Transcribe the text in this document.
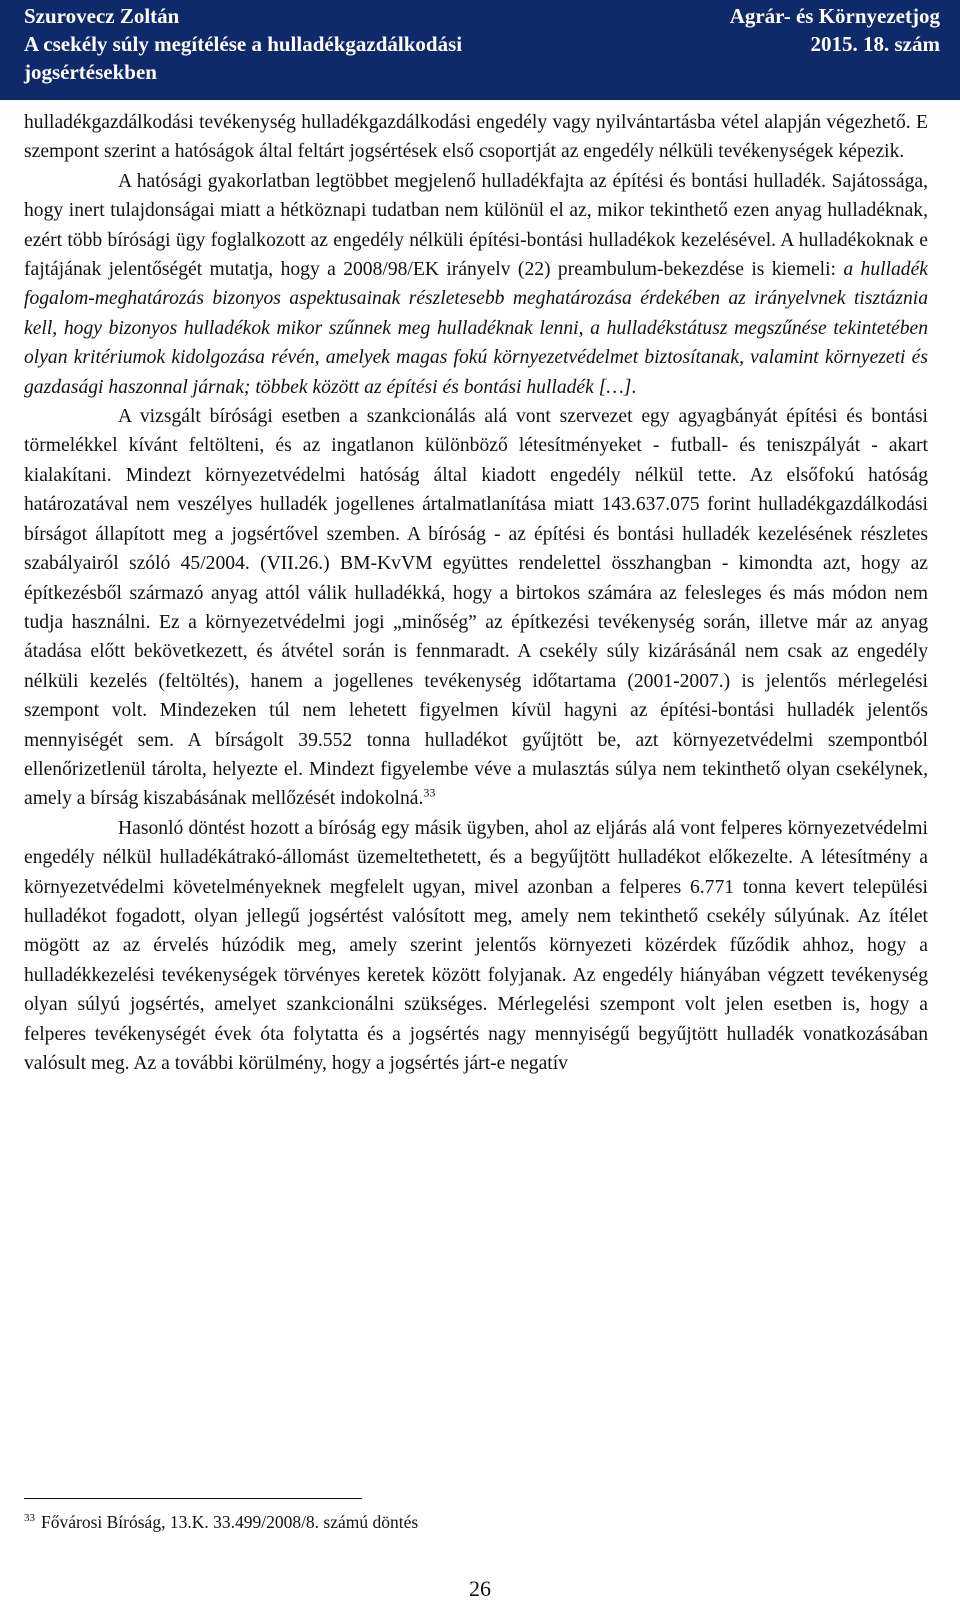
Szurovecz Zoltán
A csekély súly megítélése a hulladékgazdálkodási
jogsértésekben
Agrár- és Környezetjog
2015. 18. szám

hulladékgazdálkodási tevékenység hulladékgazdálkodási engedély vagy nyilvántartásba vétel alapján végezhető. E szempont szerint a hatóságok által feltárt jogsértések első csoportját az engedély nélküli tevékenységek képezik.

A hatósági gyakorlatban legtöbbet megjelenő hulladékfajta az építési és bontási hulladék. Sajátossága, hogy inert tulajdonságai miatt a hétköznapi tudatban nem különül el az, mikor tekinthető ezen anyag hulladéknak, ezért több bírósági ügy foglalkozott az engedély nélküli építési-bontási hulladékok kezelésével. A hulladékoknak e fajtájának jelentőségét mutatja, hogy a 2008/98/EK irányelv (22) preambulum-bekezdése is kiemeli: a hulladék fogalom-meghatározás bizonyos aspektusainak részletesebb meghatározása érdekében az irányelvnek tisztáznia kell, hogy bizonyos hulladékok mikor szűnnek meg hulladéknak lenni, a hulladékstátusz megszűnése tekintetében olyan kritériumok kidolgozása révén, amelyek magas fokú környezetvédelmet biztosítanak, valamint környezeti és gazdasági haszonnal járnak; többek között az építési és bontási hulladék […].

A vizsgált bírósági esetben a szankcionálás alá vont szervezet egy agyagbányát építési és bontási törmelékkel kívánt feltölteni, és az ingatlanon különböző létesítményeket - futball- és teniszpályát - akart kialakítani. Mindezt környezetvédelmi hatóság által kiadott engedély nélkül tette. Az elsőfokú hatóság határozatával nem veszélyes hulladék jogellenes ártalmatlanítása miatt 143.637.075 forint hulladékgazdálkodási bírságot állapított meg a jogsértővel szemben. A bíróság - az építési és bontási hulladék kezelésének részletes szabályairól szóló 45/2004. (VII.26.) BM-KvVM együttes rendelettel összhangban - kimondta azt, hogy az építkezésből származó anyag attól válik hulladékká, hogy a birtokos számára az felesleges és más módon nem tudja használni. Ez a környezetvédelmi jogi „minőség” az építkezési tevékenység során, illetve már az anyag átadása előtt bekövetkezett, és átvétel során is fennmaradt. A csekély súly kizárásánál nem csak az engedély nélküli kezelés (feltöltés), hanem a jogellenes tevékenység időtartama (2001-2007.) is jelentős mérlegelési szempont volt. Mindezeken túl nem lehetett figyelmen kívül hagyni az építési-bontási hulladék jelentős mennyiségét sem. A bírságolt 39.552 tonna hulladékot gyűjtött be, azt környezetvédelmi szempontból ellenőrizetlenül tárolta, helyezte el. Mindezt figyelembe véve a mulasztás súlya nem tekinthető olyan csekélynek, amely a bírság kiszabásának mellőzését indokolná.$^{33}$

Hasonló döntést hozott a bíróság egy másik ügyben, ahol az eljárás alá vont felperes környezetvédelmi engedély nélkül hulladékátrakó-állomást üzemeltethetett, és a begyűjtött hulladékot előkezelte. A létesítmény a környezetvédelmi követelményeknek megfelelt ugyan, mivel azonban a felperes 6.771 tonna kevert települési hulladékot fogadott, olyan jellegű jogsértést valósított meg, amely nem tekinthető csekély súlyúnak. Az ítélet mögött az az érvelés húzódik meg, amely szerint jelentős környezeti közérdek fűződik ahhoz, hogy a hulladékkezelési tevékenységek törvényes keretek között folyjanak. Az engedély hiányában végzett tevékenység olyan súlyú jogsértés, amelyet szankcionálni szükséges. Mérlegelési szempont volt jelen esetben is, hogy a felperes tevékenységét évek óta folytatta és a jogsértés nagy mennyiségű begyűjtött hulladék vonatkozásában valósult meg. Az a további körülmény, hogy a jogsértés járt-e negatív

$^{33}$ Fővárosi Bíróság, 13.K. 33.499/2008/8. számú döntés
26
